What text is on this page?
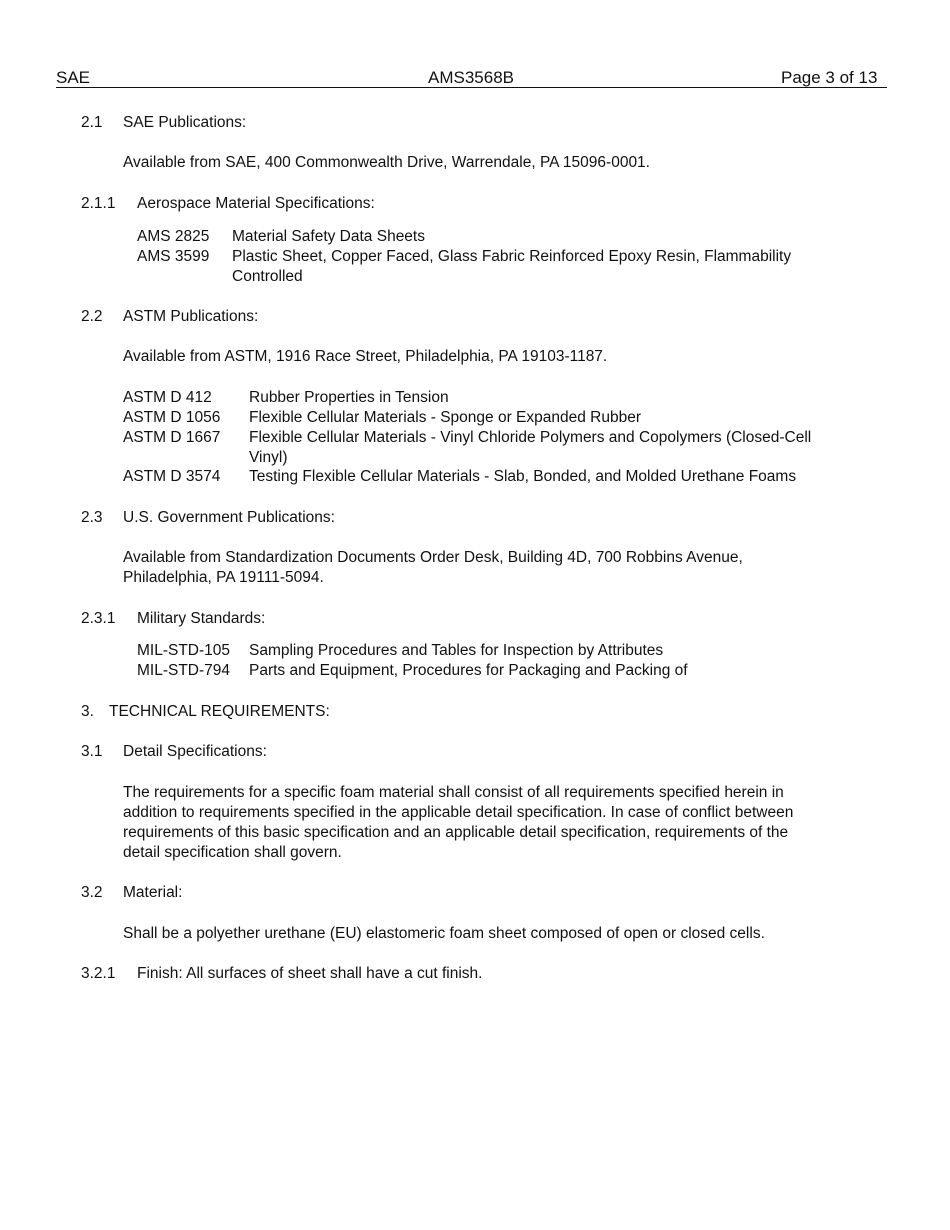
SAE	AMS3568B	Page 3 of 13
2.1 SAE Publications:
Available from SAE, 400 Commonwealth Drive, Warrendale, PA 15096-0001.
2.1.1 Aerospace Material Specifications:
AMS 2825 Material Safety Data Sheets
AMS 3599 Plastic Sheet, Copper Faced, Glass Fabric Reinforced Epoxy Resin, Flammability
Controlled
2.2 ASTM Publications:
Available from ASTM, 1916 Race Street, Philadelphia, PA 19103-1187.
ASTM D 412 Rubber Properties in Tension
ASTM D 1056 Flexible Cellular Materials - Sponge or Expanded Rubber
ASTM D 1667 Flexible Cellular Materials - Vinyl Chloride Polymers and Copolymers (Closed-Cell
Vinyl)
ASTM D 3574 Testing Flexible Cellular Materials - Slab, Bonded, and Molded Urethane Foams
2.3 U.S. Government Publications:
Available from Standardization Documents Order Desk, Building 4D, 700 Robbins Avenue,
Philadelphia, PA 19111-5094.
2.3.1 Military Standards:
MIL-STD-105 Sampling Procedures and Tables for Inspection by Attributes
MIL-STD-794 Parts and Equipment, Procedures for Packaging and Packing of
3. TECHNICAL REQUIREMENTS:
3.1 Detail Specifications:
The requirements for a specific foam material shall consist of all requirements specified herein in
addition to requirements specified in the applicable detail specification. In case of conflict between
requirements of this basic specification and an applicable detail specification, requirements of the
detail specification shall govern.
3.2 Material:
Shall be a polyether urethane (EU) elastomeric foam sheet composed of open or closed cells.
3.2.1 Finish: All surfaces of sheet shall have a cut finish.
